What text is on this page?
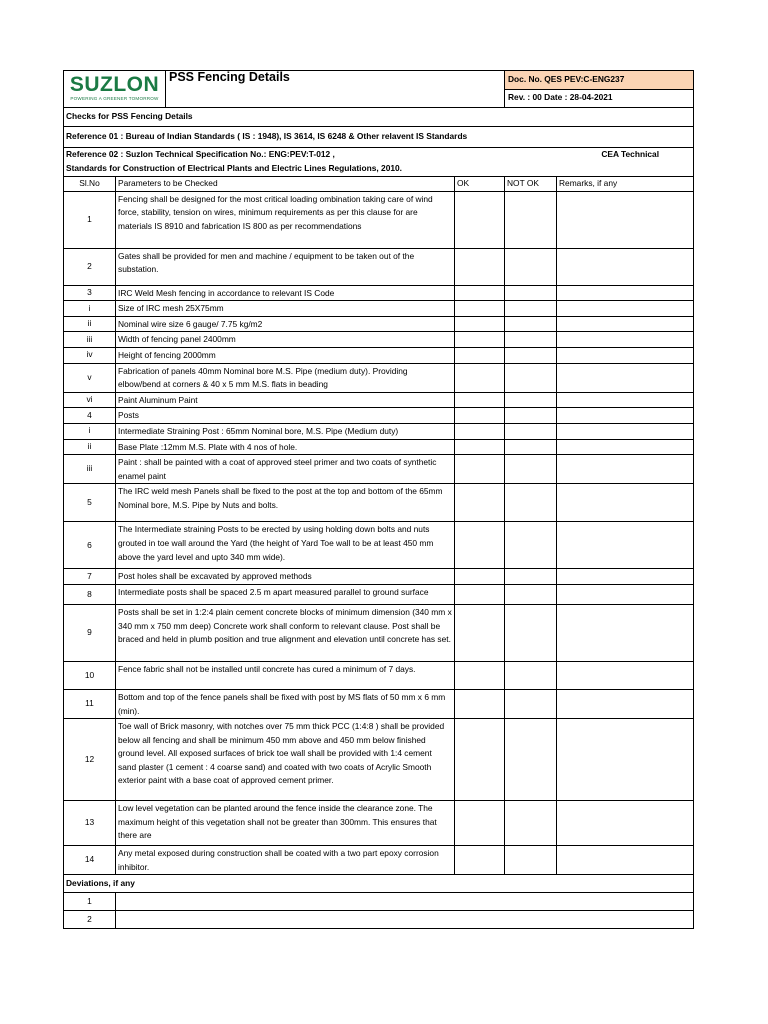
SUZLON
POWERING A GREENER TOMORROW
	PSS Fencing Details	Doc. No. QES PEV:C-ENG237
Rev. : 00 Date : 28-04-2021
Checks for PSS Fencing Details				
Reference 01 : Bureau of Indian Standards ( IS : 1948), IS 3614, IS 6248 & Other relavent IS Standards				

Reference 02 : Suzlon Technical Specification No.: ENG:PEV:T-012 , CEA Technical
Standards for Construction of Electrical Plants and Electric Lines Regulations, 2010.				

Sl.No	Parameters to be Checked	OK	NOT OK	Remarks, if any
1	Fencing shall be designed for the most critical loading ombination taking care of wind force, stability, tension on wires, minimum requirements as per this clause for are materials IS 8910 and fabrication IS 800 as per recommendations			
2	Gates shall be provided for men and machine / equipment to be taken out of the substation.			
3	IRC Weld Mesh fencing in accordance to relevant IS Code			
i	Size of IRC mesh 25X75mm			
ii	Nominal wire size 6 gauge/ 7.75 kg/m2			
iii	Width of fencing panel 2400mm			
iv	Height of fencing 2000mm			
v	Fabrication of panels 40mm Nominal bore M.S. Pipe (medium duty). Providing elbow/bend at corners & 40 x 5 mm M.S. flats in beading			
vi	Paint Aluminum Paint			
4	Posts			
i	Intermediate Straining Post : 65mm Nominal bore, M.S. Pipe (Medium duty)			
ii	Base Plate :12mm M.S. Plate with 4 nos of hole.			
iii	Paint : shall be painted with a coat of approved steel primer and two coats of synthetic enamel paint			
5	The IRC weld mesh Panels shall be fixed to the post at the top and bottom of the 65mm Nominal bore, M.S. Pipe by Nuts and bolts.			
6	The Intermediate straining Posts to be erected by using holding down bolts and nuts grouted in toe wall around the Yard (the height of Yard Toe wall to be at least 450 mm above the yard level and upto 340 mm wide).			
7	Post holes shall be excavated by approved methods			
8	Intermediate posts shall be spaced 2.5 m apart measured parallel to ground surface			
9	Posts shall be set in 1:2:4 plain cement concrete blocks of minimum dimension (340 mm x 340 mm x 750 mm deep) Concrete work shall conform to relevant clause. Post shall be braced and held in plumb position and true alignment and elevation until concrete has set.			
10	Fence fabric shall not be installed until concrete has cured a minimum of 7 days.			
11	Bottom and top of the fence panels shall be fixed with post by MS flats of 50 mm x 6 mm (min).			
12	Toe wall of Brick masonry, with notches over 75 mm thick PCC (1:4:8 ) shall be provided below all fencing and shall be minimum 450 mm above and 450 mm below finished ground level. All exposed surfaces of brick toe wall shall be provided with 1:4 cement sand plaster (1 cement : 4 coarse sand) and coated with two coats of Acrylic Smooth exterior paint with a base coat of approved cement primer.			
13	Low level vegetation can be planted around the fence inside the clearance zone. The maximum height of this vegetation shall not be greater than 300mm. This ensures that there are			
14	Any metal exposed during construction shall be coated with a two part epoxy corrosion inhibitor.			
Deviations, if any				
1				
2				
